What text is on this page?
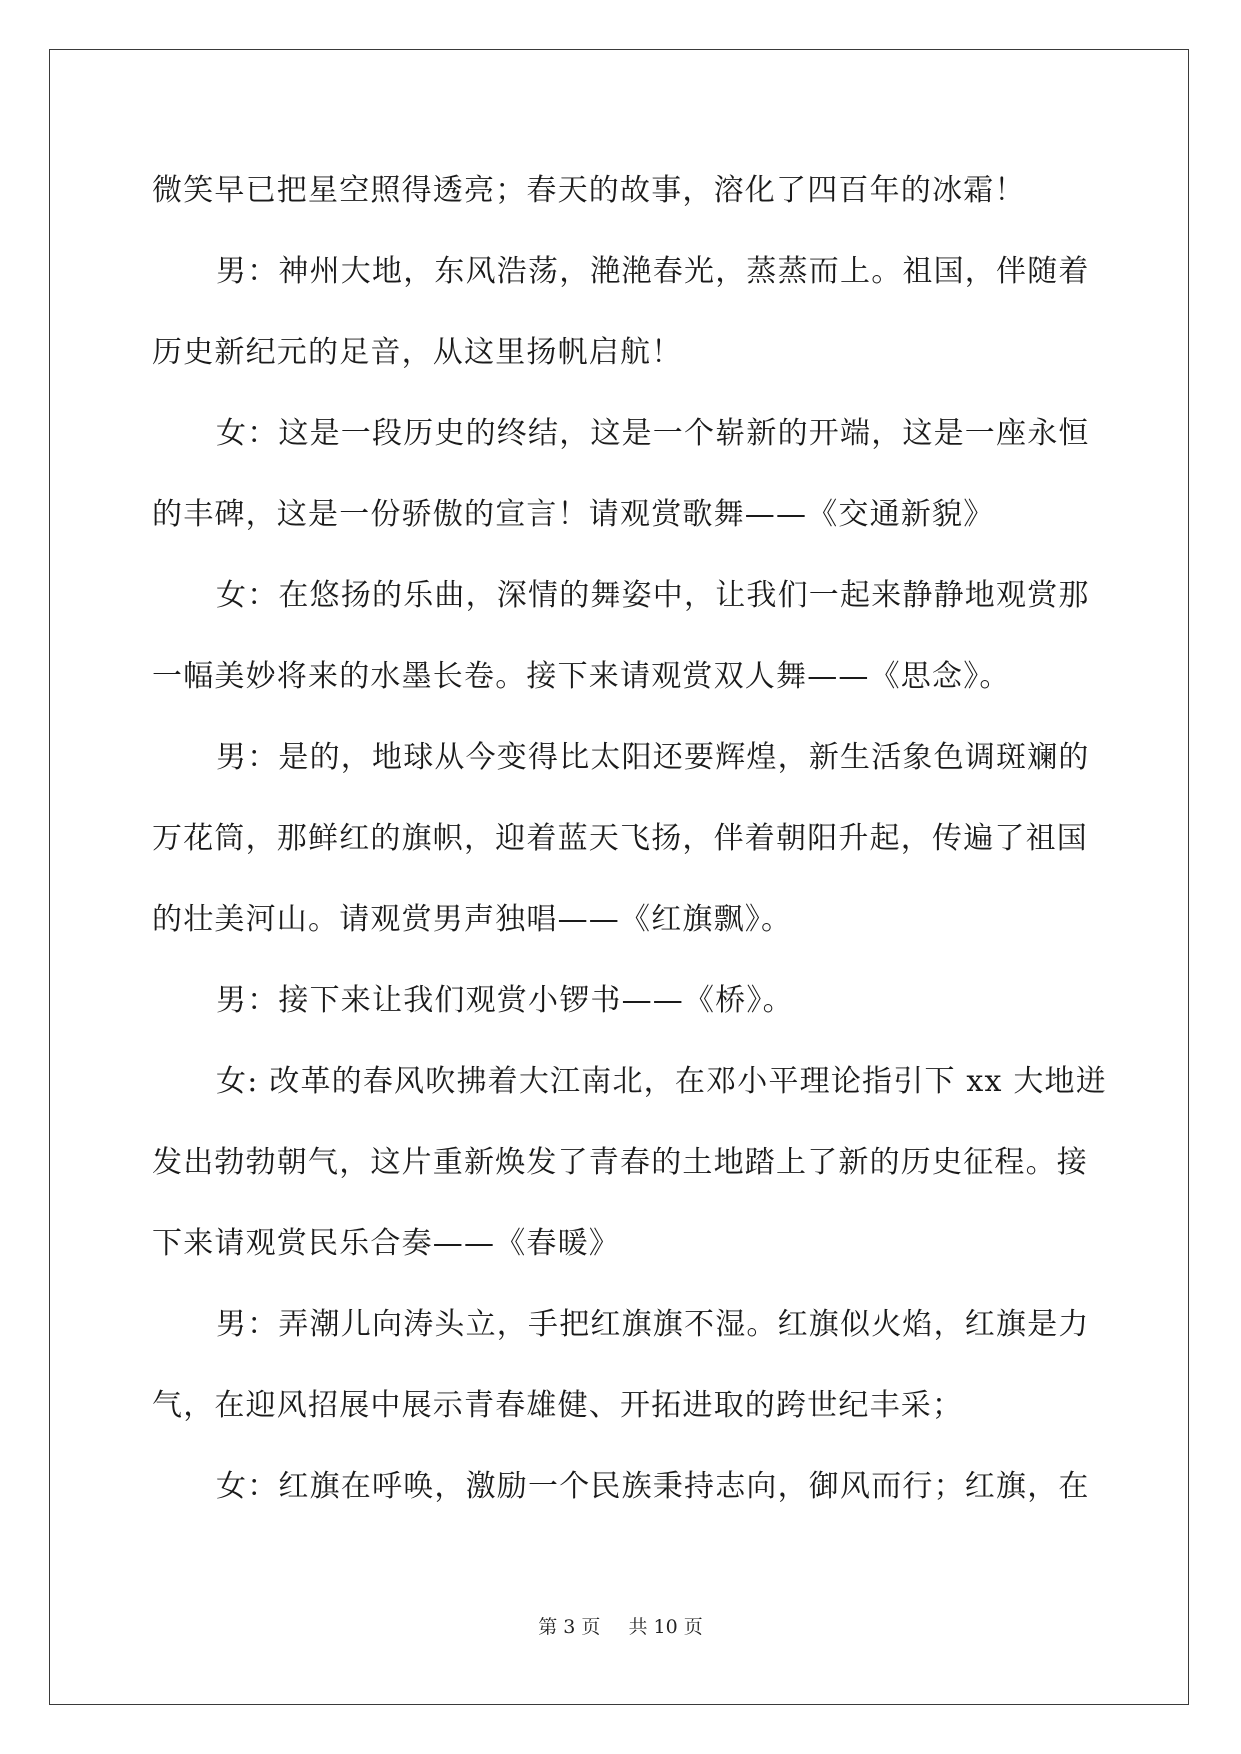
微笑早已把星空照得透亮；春天的故事，溶化了四百年的冰霜！
男：神州大地，东风浩荡，滟滟春光，蒸蒸而上。祖国，伴随着
历史新纪元的足音，从这里扬帆启航！
女：这是一段历史的终结，这是一个崭新的开端，这是一座永恒
的丰碑，这是一份骄傲的宣言！请观赏歌舞——《交通新貌》
女：在悠扬的乐曲，深情的舞姿中，让我们一起来静静地观赏那
一幅美妙将来的水墨长卷。接下来请观赏双人舞——《思念》。
男：是的，地球从今变得比太阳还要辉煌，新生活象色调斑斓的
万花筒，那鲜红的旗帜，迎着蓝天飞扬，伴着朝阳升起，传遍了祖国
的壮美河山。请观赏男声独唱——《红旗飘》。
男：接下来让我们观赏小锣书——《桥》。
女: 改革的春风吹拂着大江南北，在邓小平理论指引下 xx 大地迸
发出勃勃朝气，这片重新焕发了青春的土地踏上了新的历史征程。接
下来请观赏民乐合奏——《春暖》
男：弄潮儿向涛头立，手把红旗旗不湿。红旗似火焰，红旗是力
气，在迎风招展中展示青春雄健、开拓进取的跨世纪丰采；
女：红旗在呼唤，激励一个民族秉持志向，御风而行；红旗，在
第 3 页 共 10 页
